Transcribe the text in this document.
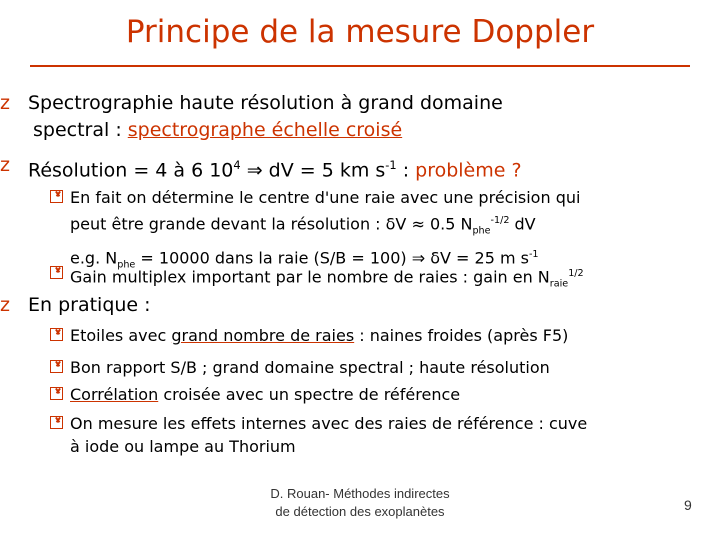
Principe de la mesure Doppler
z Spectrographie haute résolution à grand domaine
spectral : spectrographe échelle croisé
z Résolution = 4 à 6 $10^4$ ⇒ dV = 5 km $s^{-1}$ : problème ?
En fait on détermine le centre d'une raie avec une précision qui
peut être grande devant la résolution : δV ≈ 0.5 $N_{phe}^{-1/2}$ dV
e.g. $N_{phe} = 10000$ dans la raie (S/B = 100) ⇒ δV = 25 m $s^{-1}$
Gain multiplex important par le nombre de raies : gain en $N_{raie}^{1/2}$
z En pratique :
Etoiles avec grand nombre de raies : naines froides (après F5)
Bon rapport S/B ; grand domaine spectral ; haute résolution
Corrélation croisée avec un spectre de référence
On mesure les effets internes avec des raies de référence : cuve
à iode ou lampe au Thorium
D. Rouan- Méthodes indirectes
de détection des exoplanètes	9
